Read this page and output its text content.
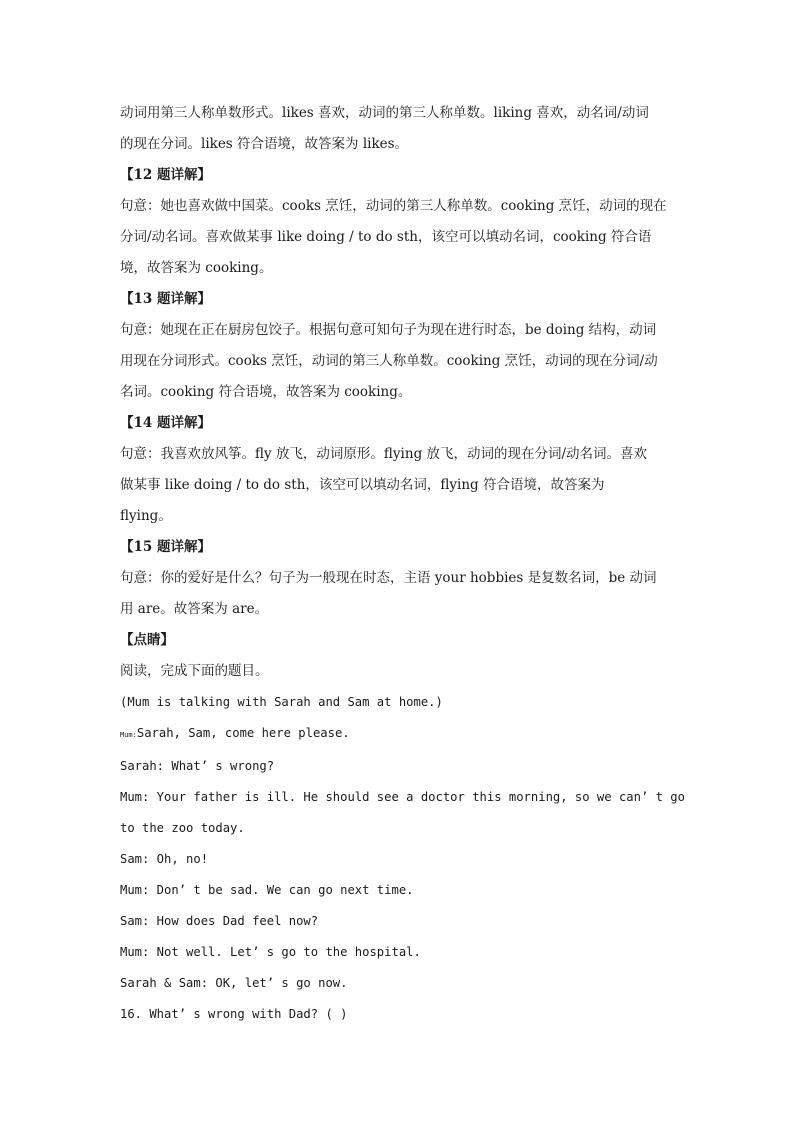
动词用第三人称单数形式。likes 喜欢，动词的第三人称单数。liking 喜欢，动名词/动词
的现在分词。likes 符合语境，故答案为 likes。
【12 题详解】
句意：她也喜欢做中国菜。cooks 烹饪，动词的第三人称单数。cooking 烹饪，动词的现在
分词/动名词。喜欢做某事 like doing / to do sth，该空可以填动名词，cooking 符合语
境，故答案为 cooking。
【13 题详解】
句意：她现在正在厨房包饺子。根据句意可知句子为现在进行时态，be doing 结构，动词
用现在分词形式。cooks 烹饪，动词的第三人称单数。cooking 烹饪，动词的现在分词/动
名词。cooking 符合语境，故答案为 cooking。
【14 题详解】
句意：我喜欢放风筝。fly 放飞，动词原形。flying 放飞，动词的现在分词/动名词。喜欢
做某事 like doing / to do sth，该空可以填动名词，flying 符合语境，故答案为
flying。
【15 题详解】
句意：你的爱好是什么？句子为一般现在时态，主语 your hobbies 是复数名词，be 动词
用 are。故答案为 are。
【点睛】
阅读，完成下面的题目。
(Mum is talking with Sarah and Sam at home.)
Mum:Sarah, Sam, come here please.
Sarah: What’ s wrong?
Mum: Your father is ill. He should see a doctor this morning, so we can’ t go
to the zoo today.
Sam: Oh, no!
Mum: Don’ t be sad. We can go next time.
Sam: How does Dad feel now?
Mum: Not well. Let’ s go to the hospital.
Sarah & Sam: OK, let’ s go now.
16. What’ s wrong with Dad? ( )
